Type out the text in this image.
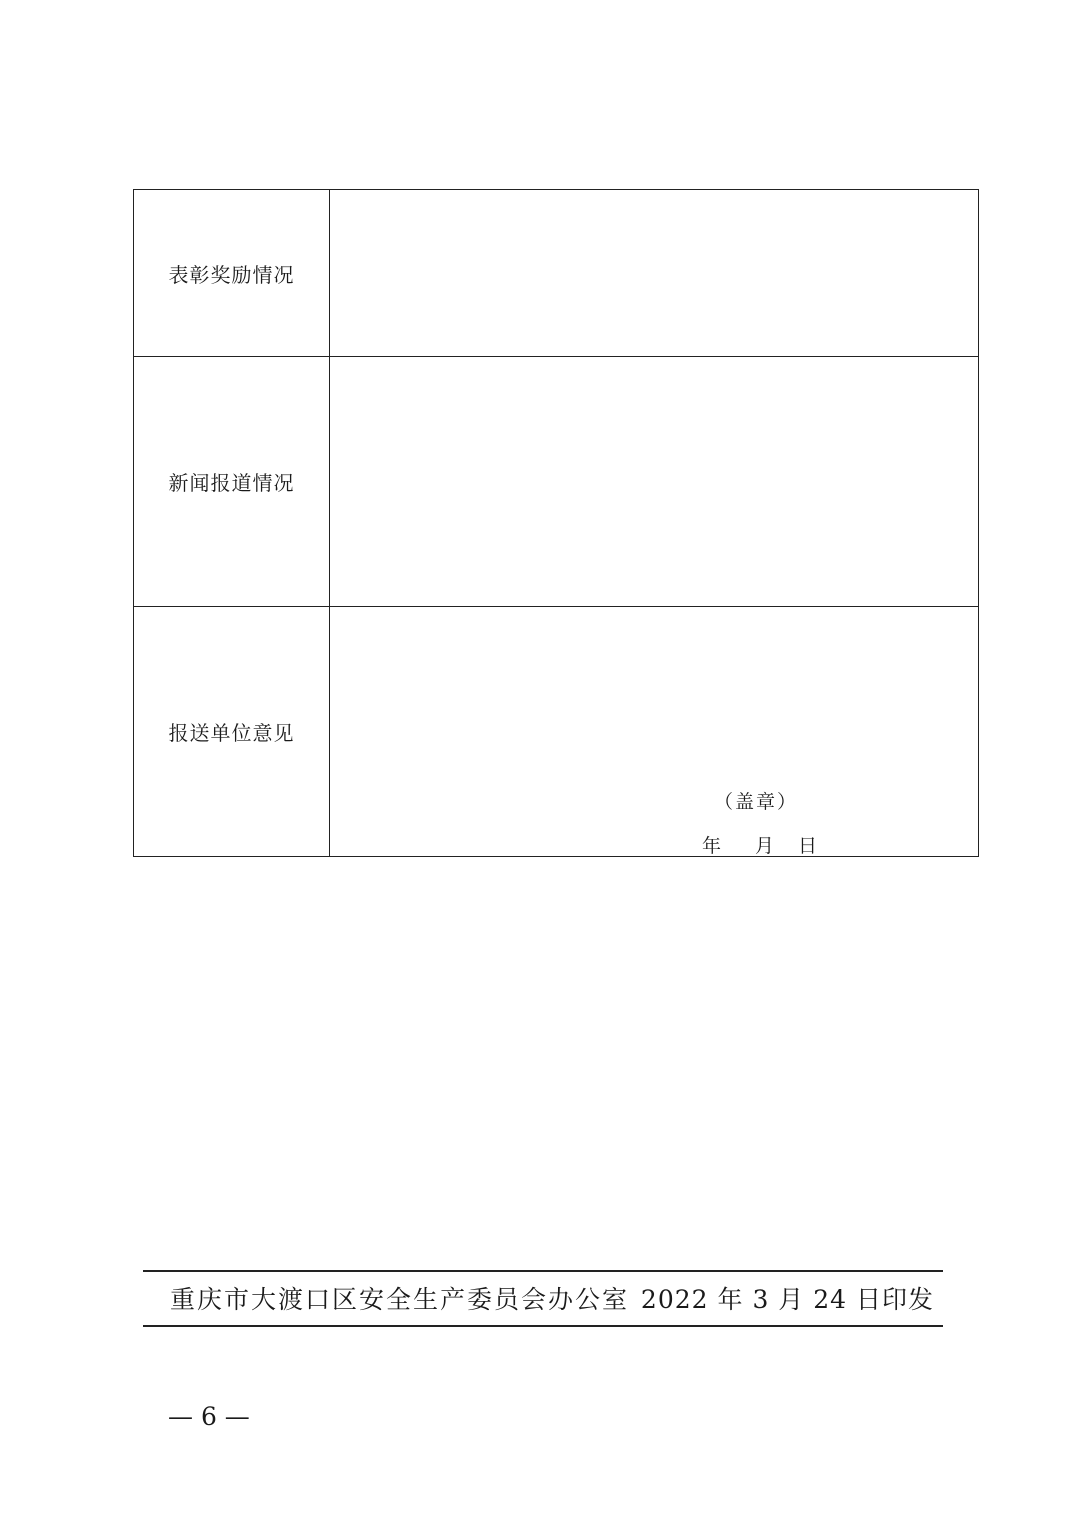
表彰奖励情况	
新闻报道情况	
报送单位意见	（盖章）
年 月 日
重庆市大渡口区安全生产委员会办公室 2022 年 3 月 24 日印发
— 6 —
